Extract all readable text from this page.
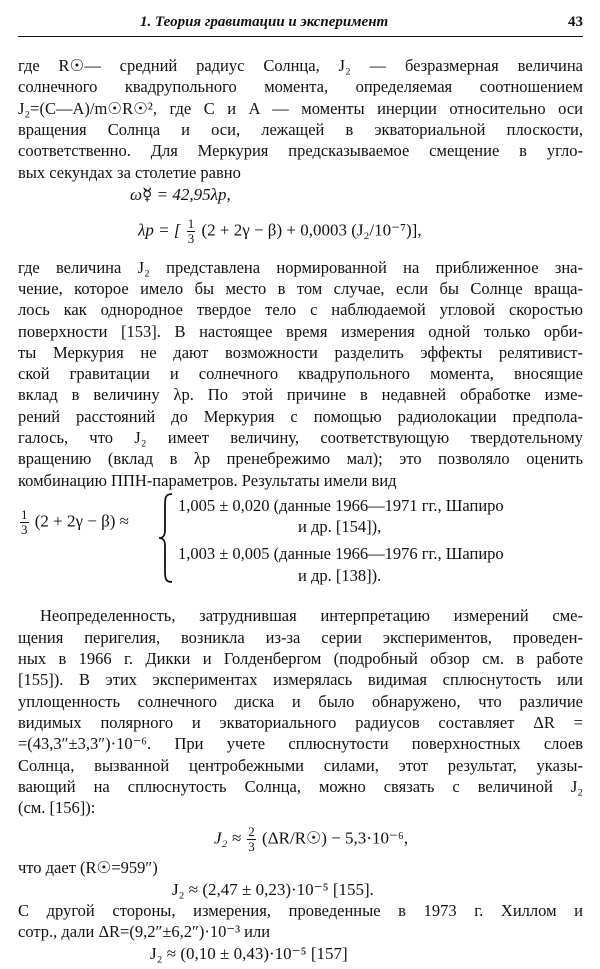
1. Теория гравитации и эксперимент	43
где R☉— средний радиус Солнца, J₂ — безразмерная величина
солнечного квадрупольного момента, определяемая соотношением
J₂=(C—A)/m☉R☉², где C и A — моменты инерции относительно оси
вращения Солнца и оси, лежащей в экваториальной плоскости,
соответственно. Для Меркурия предсказываемое смещение в угло-
вых секундах за столетие равно
ω̇☿ = 42,95λp,
λp = [ $\frac{1}{3} (2 + 2\gamma - \beta) + 0,0003$ (J₂/10⁻⁷)],
где величина J₂ представлена нормированной на приближенное зна-
чение, которое имело бы место в том случае, если бы Солнце враща-
лось как однородное твердое тело с наблюдаемой угловой скоростью
поверхности [153]. В настоящее время измерения одной только орби-
ты Меркурия не дают возможности разделить эффекты релятивист-
ской гравитации и солнечного квадрупольного момента, вносящие
вклад в величину λp. По этой причине в недавней обработке изме-
рений расстояний до Меркурия с помощью радиолокации предпола-
галось, что J₂ имеет величину, соответствующую твердотельному
вращению (вклад в λp пренебрежимо мал); это позволяло оценить
комбинацию ППН-параметров. Результаты имели вид
$\frac{1}{3} (2 + 2\gamma - \beta)$ ≈
1,005 ± 0,020 (данные 1966—1971 гг., Шапиро
и др. [154]),
1,003 ± 0,005 (данные 1966—1976 гг., Шапиро
и др. [138]).
Неопределенность, затруднившая интерпретацию измерений сме-
щения перигелия, возникла из-за серии экспериментов, проведен-
ных в 1966 г. Дикки и Голденбергом (подробный обзор см. в работе
[155]). В этих экспериментах измерялась видимая сплюснутость или
уплощенность солнечного диска и было обнаружено, что различие
видимых полярного и экваториального радиусов составляет ΔR =
=(43,3″±3,3″)·10⁻⁶. При учете сплюснутости поверхностных слоев
Солнца, вызванной центробежными силами, этот результат, указы-
вающий на сплюснутость Солнца, можно связать с величиной J₂
(см. [156]):
$J_2 \approx \frac{2}{3}$ (ΔR/R☉) − 5,3·10⁻⁶,
что дает (R☉=959″)
J₂ ≈ (2,47 ± 0,23)·10⁻⁵ [155].
С другой стороны, измерения, проведенные в 1973 г. Хиллом и
сотр., дали ΔR=(9,2″±6,2″)·10⁻³ или
J₂ ≈ (0,10 ± 0,43)·10⁻⁵ [157]
